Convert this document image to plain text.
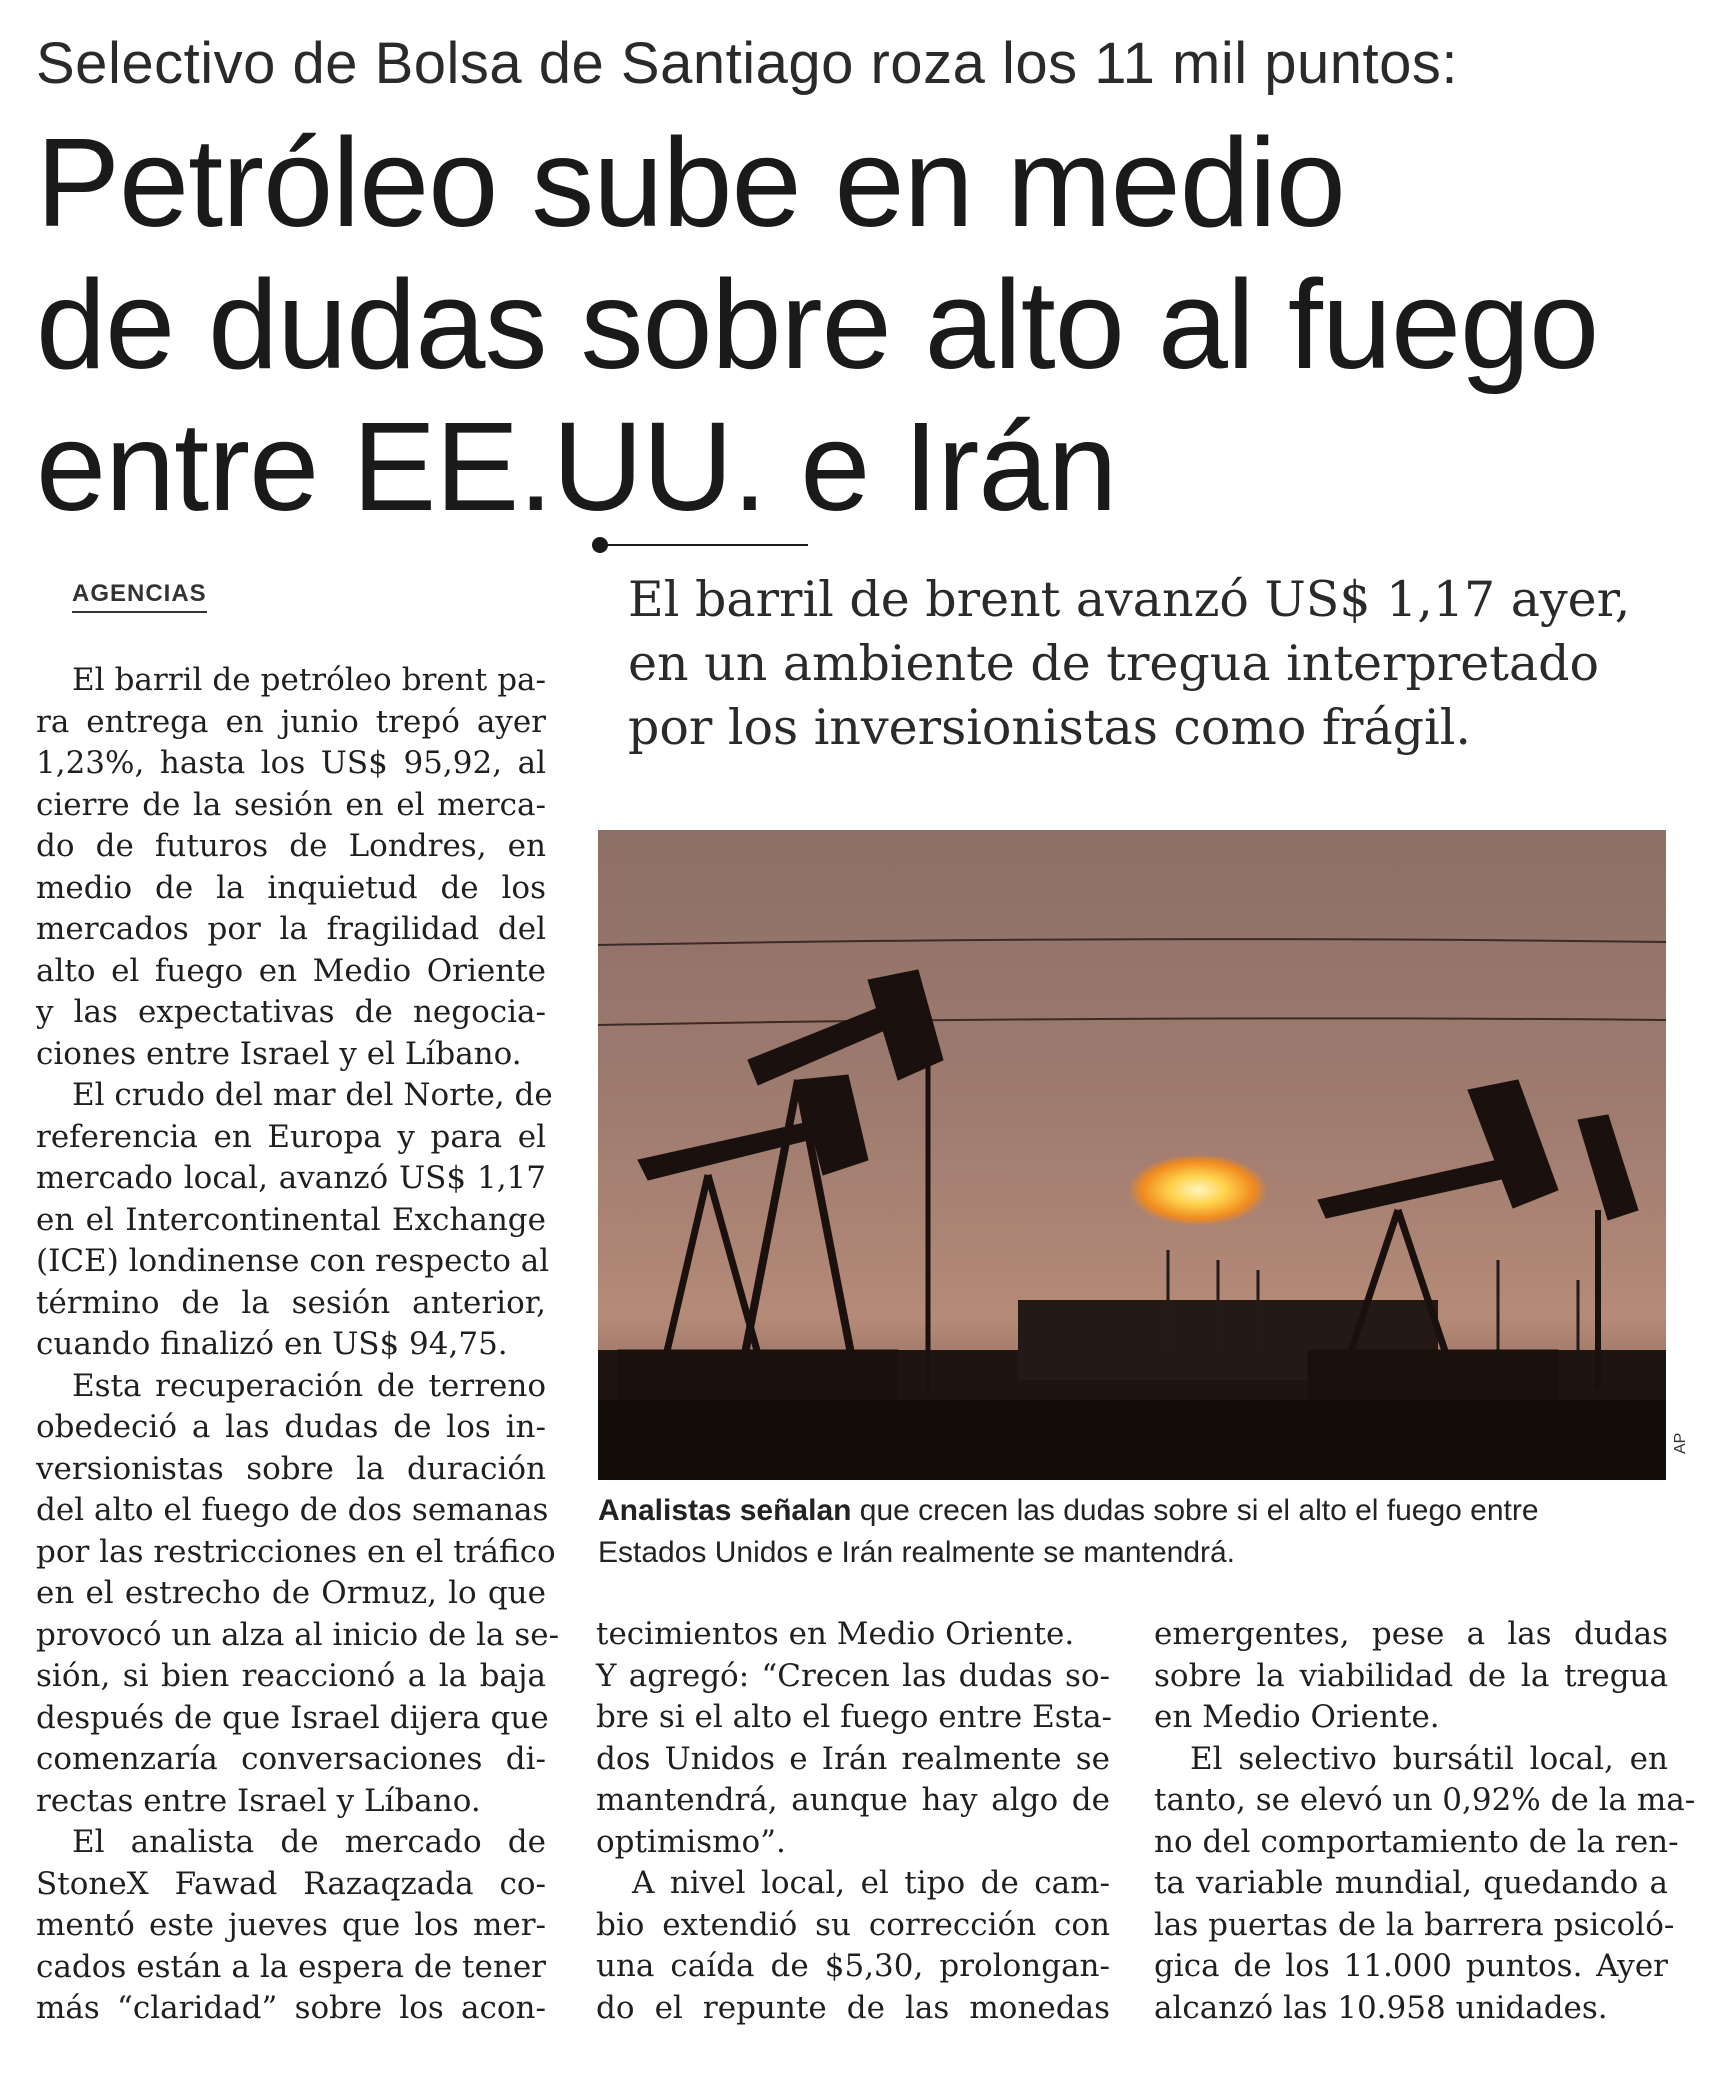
Selectivo de Bolsa de Santiago roza los 11 mil puntos:
Petróleo sube en medio
de dudas sobre alto al fuego
entre EE.UU. e Irán
AGENCIAS	El barril de brent avanzó US$ 1,17 ayer,
en un ambiente de tregua interpretado
por los inversionistas como frágil.
AP
Analistas señalan que crecen las dudas sobre si el alto el fuego entre
Estados Unidos e Irán realmente se mantendrá.
El barril de petróleo brent pa-
ra entrega en junio trepó ayer
1,23%, hasta los US$ 95,92, al
cierre de la sesión en el merca-
do de futuros de Londres, en
medio de la inquietud de los
mercados por la fragilidad del
alto el fuego en Medio Oriente
y las expectativas de negocia-
ciones entre Israel y el Líbano.
El crudo del mar del Norte, de
referencia en Europa y para el
mercado local, avanzó US$ 1,17
en el Intercontinental Exchange
(ICE) londinense con respecto al
término de la sesión anterior,
cuando finalizó en US$ 94,75.
Esta recuperación de terreno
obedeció a las dudas de los in-
versionistas sobre la duración
del alto el fuego de dos semanas
por las restricciones en el tráfico
en el estrecho de Ormuz, lo que
provocó un alza al inicio de la se-
sión, si bien reaccionó a la baja
después de que Israel dijera que
comenzaría conversaciones di-
rectas entre Israel y Líbano.
El analista de mercado de
StoneX Fawad Razaqzada co-
mentó este jueves que los mer-
cados están a la espera de tener
más “claridad” sobre los acon-
tecimientos en Medio Oriente.
Y agregó: “Crecen las dudas so-
bre si el alto el fuego entre Esta-
dos Unidos e Irán realmente se
mantendrá, aunque hay algo de
optimismo”.
A nivel local, el tipo de cam-
bio extendió su corrección con
una caída de $5,30, prolongan-
do el repunte de las monedas
emergentes, pese a las dudas
sobre la viabilidad de la tregua
en Medio Oriente.
El selectivo bursátil local, en
tanto, se elevó un 0,92% de la ma-
no del comportamiento de la ren-
ta variable mundial, quedando a
las puertas de la barrera psicoló-
gica de los 11.000 puntos. Ayer
alcanzó las 10.958 unidades.
